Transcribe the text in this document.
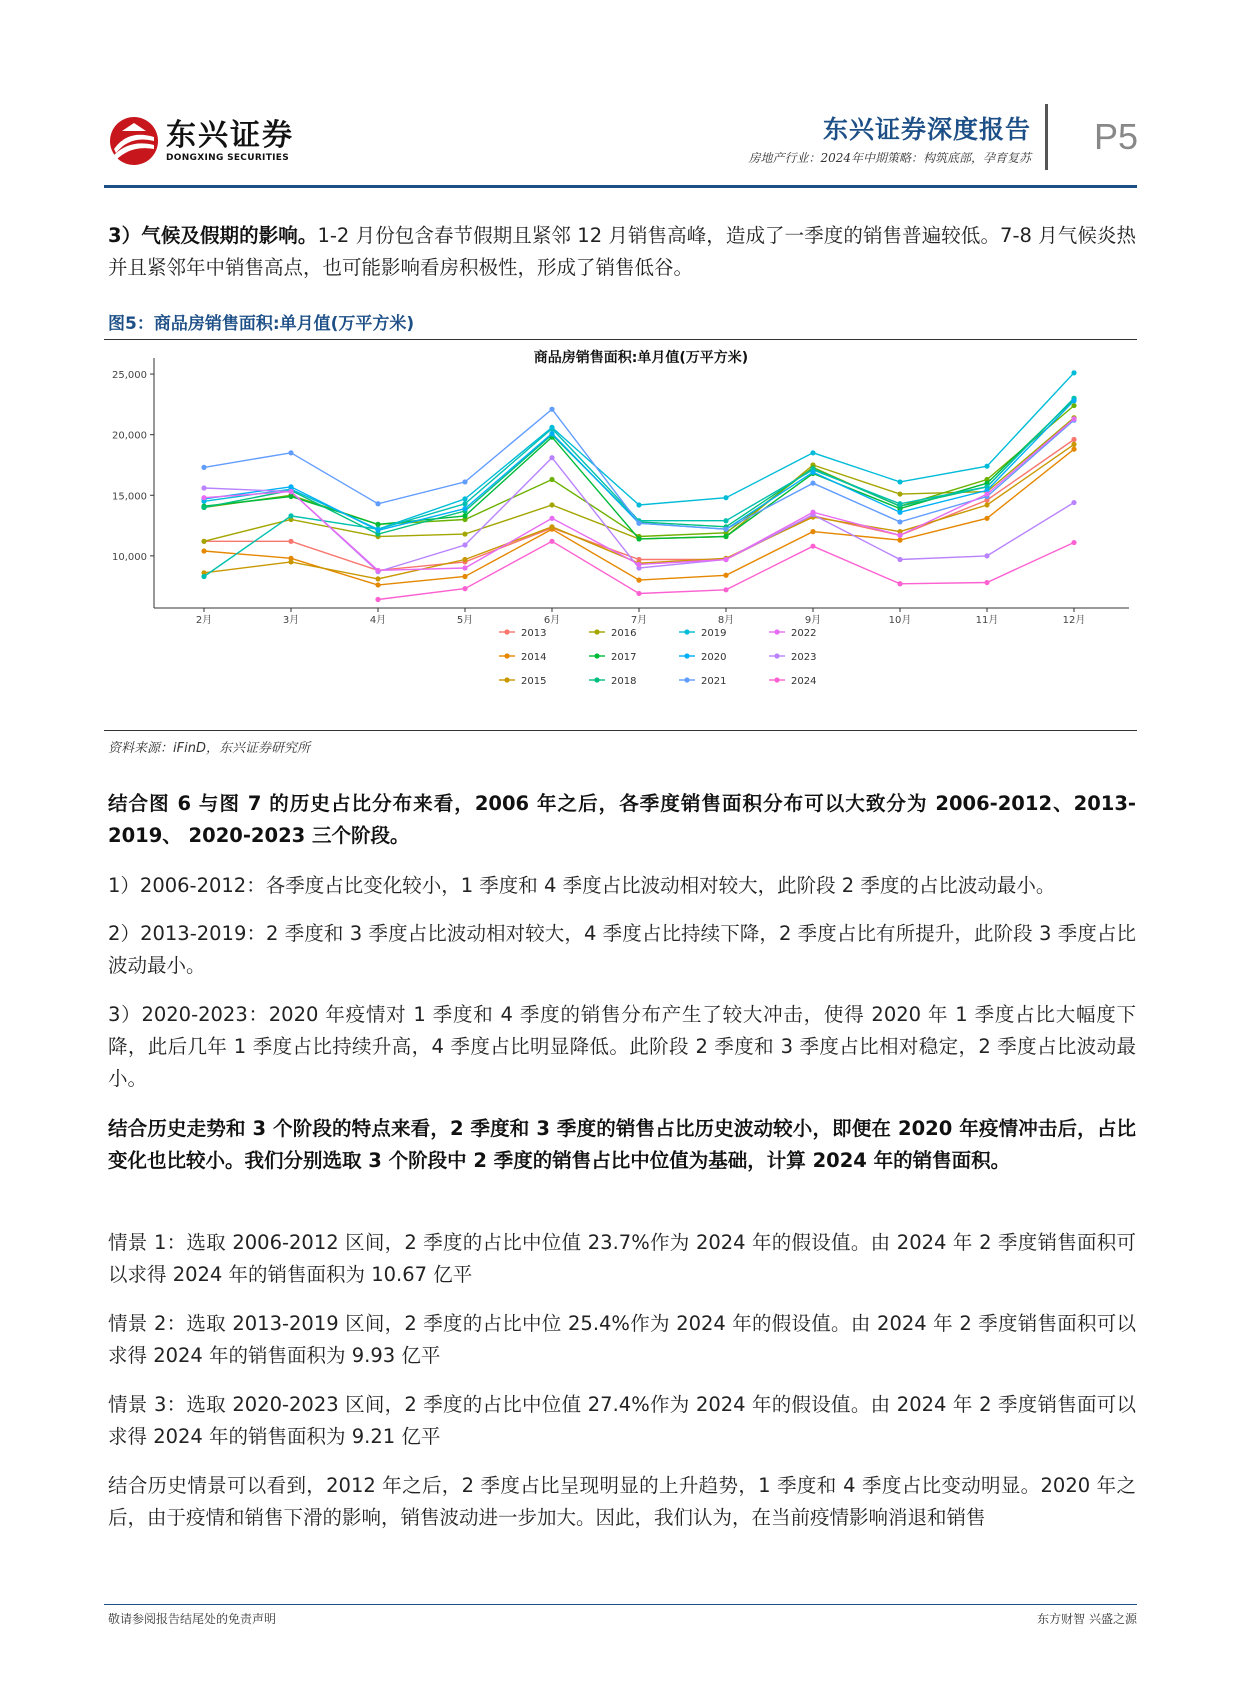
东兴证券
DONGXING SECURITIES
东兴证券深度报告
房地产行业：2024年中期策略：构筑底部，孕育复苏
P5
3）气候及假期的影响。1-2 月份包含春节假期且紧邻 12 月销售高峰，造成了一季度的销售普遍较低。7-8 月气候炎热并且紧邻年中销售高点，也可能影响看房积极性，形成了销售低谷。
图5：商品房销售面积:单月值(万平方米)
商品房销售面积:单月值(万平方米)
10,000
15,000
20,000
25,000
2月	3月	4月	5月	6月	7月	8月	9月	10月	11月	12月
2013	2016	2019	2022
2014	2017	2020	2023
2015	2018	2021	2024
资料来源：iFinD，东兴证券研究所
结合图 6 与图 7 的历史占比分布来看，2006 年之后，各季度销售面积分布可以大致分为 2006-2012、2013-2019、 2020-2023 三个阶段。
1）2006-2012：各季度占比变化较小，1 季度和 4 季度占比波动相对较大，此阶段 2 季度的占比波动最小。
2）2013-2019：2 季度和 3 季度占比波动相对较大，4 季度占比持续下降，2 季度占比有所提升，此阶段 3 季度占比波动最小。
3）2020-2023：2020 年疫情对 1 季度和 4 季度的销售分布产生了较大冲击，使得 2020 年 1 季度占比大幅度下降，此后几年 1 季度占比持续升高，4 季度占比明显降低。此阶段 2 季度和 3 季度占比相对稳定，2 季度占比波动最小。
结合历史走势和 3 个阶段的特点来看，2 季度和 3 季度的销售占比历史波动较小，即便在 2020 年疫情冲击后，占比变化也比较小。我们分别选取 3 个阶段中 2 季度的销售占比中位值为基础，计算 2024 年的销售面积。
情景 1：选取 2006-2012 区间，2 季度的占比中位值 23.7%作为 2024 年的假设值。由 2024 年 2 季度销售面积可以求得 2024 年的销售面积为 10.67 亿平
情景 2：选取 2013-2019 区间，2 季度的占比中位 25.4%作为 2024 年的假设值。由 2024 年 2 季度销售面积可以求得 2024 年的销售面积为 9.93 亿平
情景 3：选取 2020-2023 区间，2 季度的占比中位值 27.4%作为 2024 年的假设值。由 2024 年 2 季度销售面可以求得 2024 年的销售面积为 9.21 亿平
结合历史情景可以看到，2012 年之后，2 季度占比呈现明显的上升趋势，1 季度和 4 季度占比变动明显。2020 年之后，由于疫情和销售下滑的影响，销售波动进一步加大。因此，我们认为，在当前疫情影响消退和销售
敬请参阅报告结尾处的免责声明	东方财智 兴盛之源
